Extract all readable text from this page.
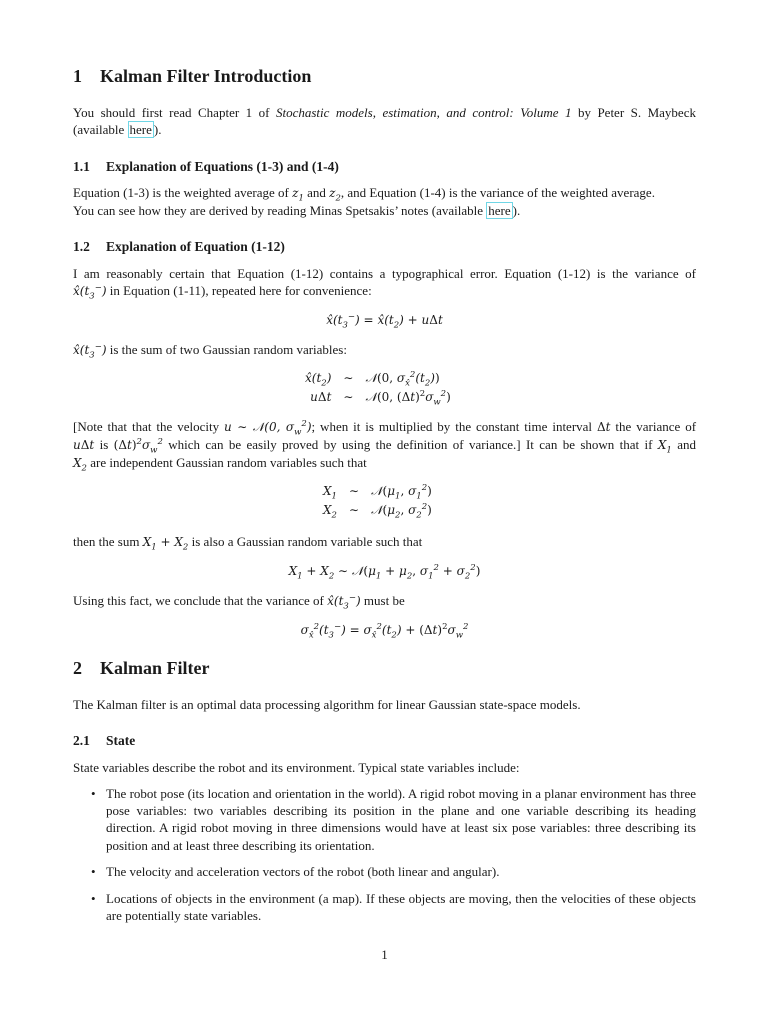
1 Kalman Filter Introduction
You should first read Chapter 1 of Stochastic models, estimation, and control: Volume 1 by Peter S. Maybeck
(available here ).
1.1 Explanation of Equations (1-3) and (1-4)
Equation (1-3) is the weighted average of $z_1$ and $z_2$, and Equation (1-4) is the variance of the weighted average.
You can see how they are derived by reading Minas Spetsakis’ notes (available here ).
1.2 Explanation of Equation (1-12)
I am reasonably certain that Equation (1-12) contains a typographical error. Equation (1-12) is the variance of
$x̂(t_3^-)$ in Equation (1-11), repeated here for convenience:
$x̂(t_3^-)$ = $x̂(t_2) + u\Delta t$
$x̂(t_3^-)$ is the sum of two Gaussian random variables:
$x̂(t_2)$	∼	𝒩(0, $\sigma_{x̂}^2(t_2)$)
uΔt	∼	𝒩(0, $(\Delta t)^2\sigma_w^2$)
[Note that that the velocity u ∼ 𝒩(0, $\sigma_w^2$); when it is multiplied by the constant time interval Δt the variance of
uΔt is $(\Delta t)^2\sigma_w^2$ which can be easily proved by using the definition of variance.] It can be shown that if $X_1$ and
$X_2$ are independent Gaussian random variables such that
$X_1$	∼	$𝒩(\mu_1$, $\sigma_1^2$)
$X_2$	∼	$𝒩(\mu_2$, $\sigma_2^2$)
then the sum $X_1 + X_2$ is also a Gaussian random variable such that
$X_1 + X_2$ ∼ $𝒩(\mu_1 + \mu_2$, $\sigma_1^2 + \sigma_2^2$)
Using this fact, we conclude that the variance of $x̂(t_3^-)$ must be
$\sigma_{x̂}^2(t_3^-) = \sigma_{x̂}^2(t_2) + (\Delta t)^2\sigma_w^2$
2 Kalman Filter
The Kalman filter is an optimal data processing algorithm for linear Gaussian state-space models.
2.1 State
State variables describe the robot and its environment. Typical state variables include:
• The robot pose (its location and orientation in the world). A rigid robot moving in a planar environment has three pose variables: two variables describing its position in the plane and one variable describing its heading direction. A rigid robot moving in three dimensions would have at least six pose variables: three describing its position and at least three describing its orientation.
• The velocity and acceleration vectors of the robot (both linear and angular).
• Locations of objects in the environment (a map). If these objects are moving, then the velocities of these objects are potentially state variables.
1
